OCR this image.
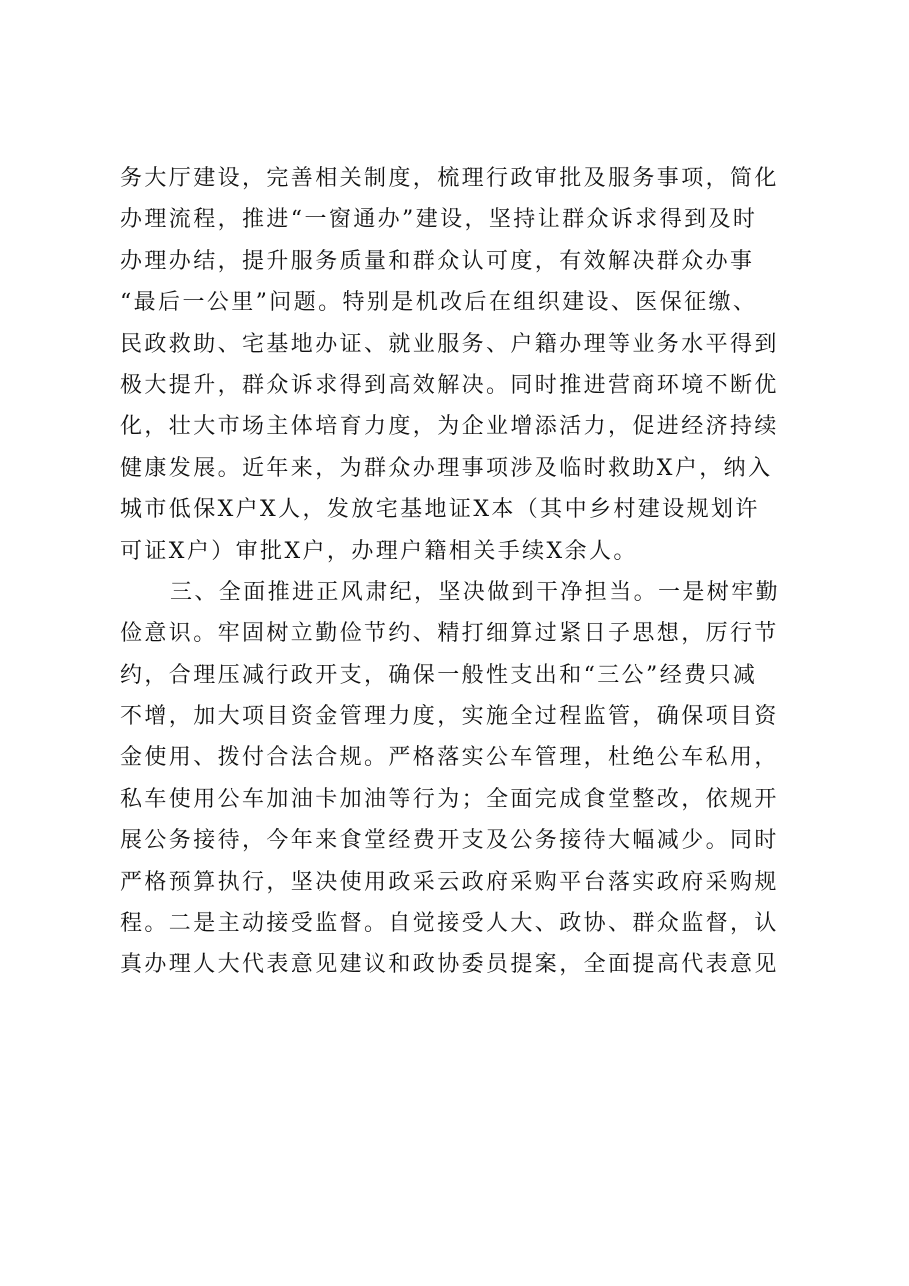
务大厅建设，完善相关制度，梳理行政审批及服务事项，简化
办理流程，推进“一窗通办”建设，坚持让群众诉求得到及时
办理办结，提升服务质量和群众认可度，有效解决群众办事
“最后一公里”问题。特别是机改后在组织建设、医保征缴、
民政救助、宅基地办证、就业服务、户籍办理等业务水平得到
极大提升，群众诉求得到高效解决。同时推进营商环境不断优
化，壮大市场主体培育力度，为企业增添活力，促进经济持续
健康发展。近年来，为群众办理事项涉及临时救助X户，纳入
城市低保X户X人，发放宅基地证X本（其中乡村建设规划许
可证X户）审批X户，办理户籍相关手续X余人。
三、全面推进正风肃纪，坚决做到干净担当。一是树牢勤
俭意识。牢固树立勤俭节约、精打细算过紧日子思想，厉行节
约，合理压减行政开支，确保一般性支出和“三公”经费只减
不增，加大项目资金管理力度，实施全过程监管，确保项目资
金使用、拨付合法合规。严格落实公车管理，杜绝公车私用，
私车使用公车加油卡加油等行为；全面完成食堂整改，依规开
展公务接待，今年来食堂经费开支及公务接待大幅减少。同时
严格预算执行，坚决使用政采云政府采购平台落实政府采购规
程。二是主动接受监督。自觉接受人大、政协、群众监督，认
真办理人大代表意见建议和政协委员提案，全面提高代表意见
